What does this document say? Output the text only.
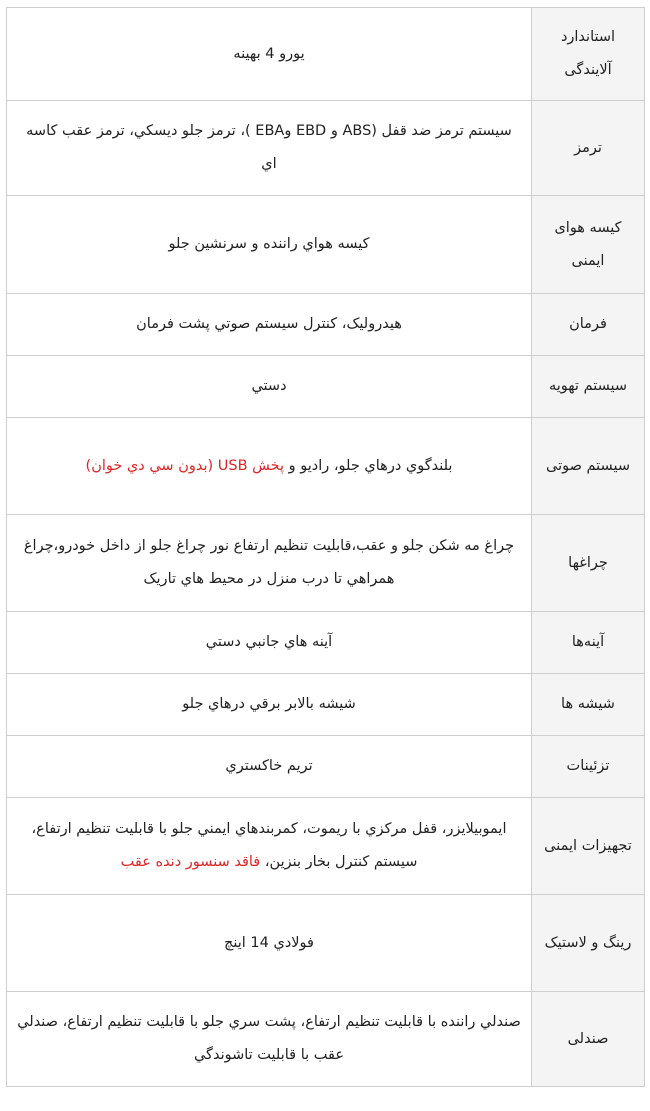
استاندارد آلایندگی	یورو 4 بهینه
ترمز	سیستم ترمز ضد قفل (ABS و EBD وEBA )، ترمز جلو دیسکي، ترمز عقب کاسه اي
کیسه هوای ایمنی	کیسه هواي راننده و سرنشین جلو
فرمان	هیدرولیک، کنترل سیستم صوتي پشت فرمان
سیستم تهویه	دستي
سیستم صوتی	بلندگوي درهاي جلو، رادیو و پخش USB (بدون سي دي خوان)
چراغها	چراغ مه شکن جلو و عقب،قابلیت تنظیم ارتفاع نور چراغ جلو از داخل خودرو،چراغ همراهي تا درب منزل در محیط هاي تاریک
آینه‌ها	آینه هاي جانبي دستي
شیشه ها	شیشه بالابر برقي درهاي جلو
تزئینات	تریم خاکستري
تجهیزات ایمنی	ایموبیلایزر، قفل مرکزي با ریموت، کمربندهاي ایمني جلو با قابلیت تنظیم ارتفاع، سیستم کنترل بخار بنزین، فاقد سنسور دنده عقب
رینگ و لاستیک	فولادي 14 اینچ
صندلی	صندلي راننده با قابلیت تنظیم ارتفاع، پشت سري جلو با قابلیت تنظیم ارتفاع، صندلي عقب با قابلیت تاشوندگي
